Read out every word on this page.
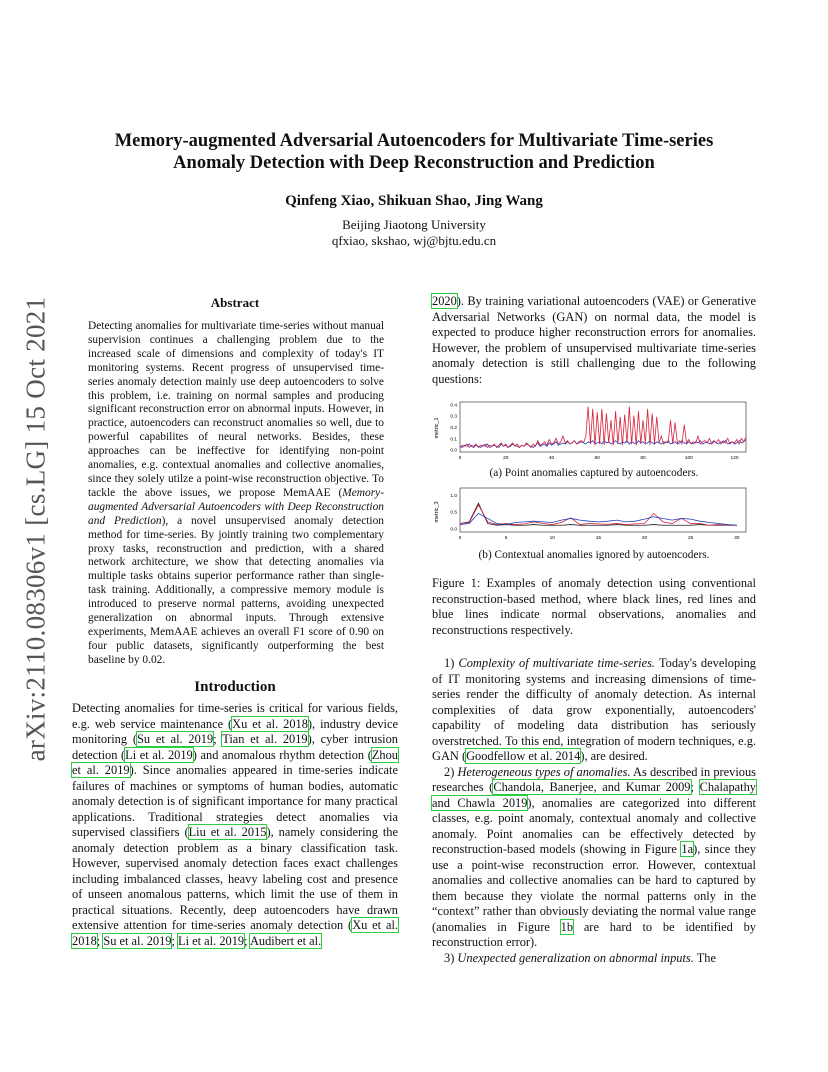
Memory-augmented Adversarial Autoencoders for Multivariate Time-series
Anomaly Detection with Deep Reconstruction and Prediction
Qinfeng Xiao, Shikuan Shao, Jing Wang
Beijing Jiaotong University
qfxiao, skshao, wj@bjtu.edu.cn
arXiv:2110.08306v1 [cs.LG] 15 Oct 2021	Abstract
Detecting anomalies for multivariate time-series without manual supervision continues a challenging problem due to the increased scale of dimensions and complexity of today's IT monitoring systems. Recent progress of unsupervised time-series anomaly detection mainly use deep autoencoders to solve this problem, i.e. training on normal samples and producing significant reconstruction error on abnormal inputs. However, in practice, autoencoders can reconstruct anomalies so well, due to powerful capabilites of neural networks. Besides, these approaches can be ineffective for identifying non-point anomalies, e.g. contextual anomalies and collective anomalies, since they solely utilze a point-wise reconstruction objective. To tackle the above issues, we propose MemAAE (Memory-augmented Adversarial Autoencoders with Deep Reconstruction and Prediction), a novel unsupervised anomaly detection method for time-series. By jointly training two complementary proxy tasks, reconstruction and prediction, with a shared network architecture, we show that detecting anomalies via multiple tasks obtains superior performance rather than single-task training. Additionally, a compressive memory module is introduced to preserve normal patterns, avoiding unexpected generalization on abnormal inputs. Through extensive experiments, MemAAE achieves an overall F1 score of 0.90 on four public datasets, significantly outperforming the best baseline by 0.02.
Introduction
Detecting anomalies for time-series is critical for various fields, e.g. web service maintenance (Xu et al. 2018), industry device monitoring (Su et al. 2019; Tian et al. 2019), cyber intrusion detection (Li et al. 2019) and anomalous rhythm detection (Zhou et al. 2019). Since anomalies appeared in time-series indicate failures of machines or symptoms of human bodies, automatic anomaly detection is of significant importance for many practical applications. Traditional strategies detect anomalies via supervised classifiers (Liu et al. 2015), namely considering the anomaly detection problem as a binary classification task. However, supervised anomaly detection faces exact challenges including imbalanced classes, heavy labeling cost and presence of unseen anomalous patterns, which limit the use of them in practical situations. Recently, deep autoencoders have drawn extensive attention for time-series anomaly detection (Xu et al. 2018; Su et al. 2019; Li et al. 2019; Audibert et al.
2020). By training variational autoencoders (VAE) or Generative Adversarial Networks (GAN) on normal data, the model is expected to produce higher reconstruction errors for anomalies. However, the problem of unsupervised multivariate time-series anomaly detection is still challenging due to the following questions:
metric_1
0.4
0.3
0.2
0.1
0.0
0	20	40	60	80	100	120
(a) Point anomalies captured by autoencoders.
metric_3
1.0
0.5
0.0
0	5	10	15	20	25	30
(b) Contextual anomalies ignored by autoencoders.
Figure 1: Examples of anomaly detection using conventional reconstruction-based method, where black lines, red lines and blue lines indicate normal observations, anomalies and reconstructions respectively.

1) Complexity of multivariate time-series. Today's developing of IT monitoring systems and increasing dimensions of time-series render the difficulty of anomaly detection. As internal complexities of data grow exponentially, autoencoders' capability of modeling data distribution has seriously overstretched. To this end, integration of modern techniques, e.g. GAN (Goodfellow et al. 2014), are desired.

2) Heterogeneous types of anomalies. As described in previous researches (Chandola, Banerjee, and Kumar 2009; Chalapathy and Chawla 2019), anomalies are categorized into different classes, e.g. point anomaly, contextual anomaly and collective anomaly. Point anomalies can be effectively detected by reconstruction-based models (showing in Figure 1a), since they use a point-wise reconstruction error. However, contextual anomalies and collective anomalies can be hard to captured by them because they violate the normal patterns only in the “context” rather than obviously deviating the normal value range (anomalies in Figure 1b are hard to be identified by reconstruction error).

3) Unexpected generalization on abnormal inputs. The
